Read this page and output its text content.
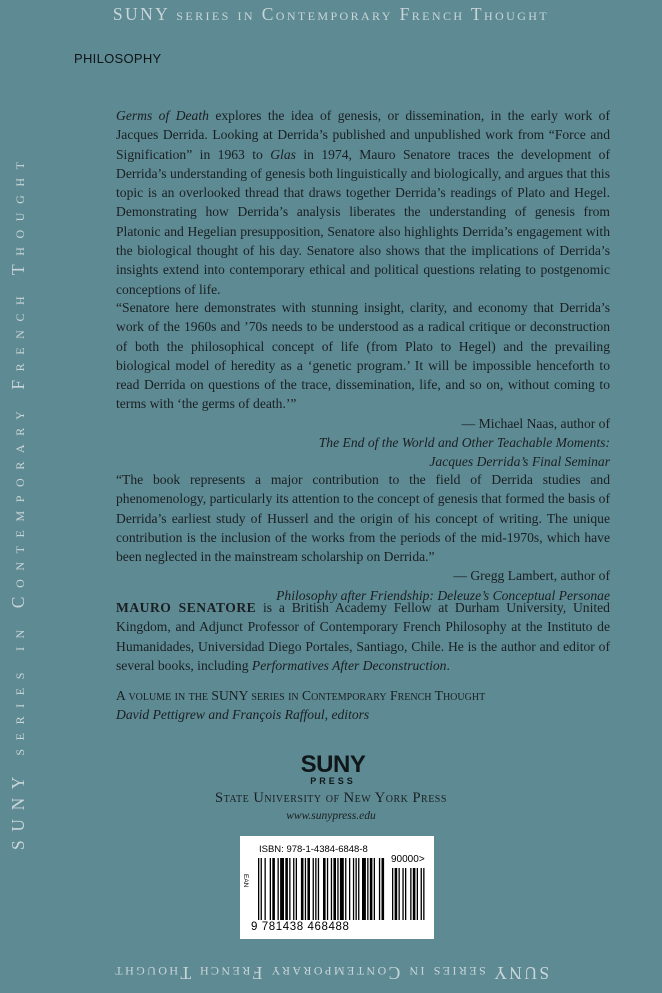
SUNY series in Contemporary French Thought
SUNY series in Contemporary French Thought
SUNY series in Contemporary French Thought
PHILOSOPHY
Germs of Death explores the idea of genesis, or dissemination, in the early work of Jacques Derrida. Looking at Derrida’s published and unpublished work from “Force and Signification” in 1963 to Glas in 1974, Mauro Senatore traces the development of Derrida’s understanding of genesis both linguistically and biologically, and argues that this topic is an overlooked thread that draws together Derrida’s readings of Plato and Hegel. Demonstrating how Derrida’s analysis liberates the understanding of genesis from Platonic and Hegelian presupposition, Senatore also highlights Derrida’s engagement with the biological thought of his day. Senatore also shows that the implications of Derrida’s insights extend into contemporary ethical and political questions relating to postgenomic conceptions of life.
“Senatore here demonstrates with stunning insight, clarity, and economy that Derrida’s work of the 1960s and ’70s needs to be understood as a radical critique or deconstruction of both the philosophical concept of life (from Plato to Hegel) and the prevailing biological model of heredity as a ‘genetic program.’ It will be impossible henceforth to read Derrida on questions of the trace, dissemination, life, and so on, without coming to terms with ‘the germs of death.’”
— Michael Naas, author of
The End of the World and Other Teachable Moments:
Jacques Derrida’s Final Seminar
“The book represents a major contribution to the field of Derrida studies and phenomenology, particularly its attention to the concept of genesis that formed the basis of Derrida’s earliest study of Husserl and the origin of his concept of writing. The unique contribution is the inclusion of the works from the periods of the mid-1970s, which have been neglected in the mainstream scholarship on Derrida.”
— Gregg Lambert, author of
Philosophy after Friendship: Deleuze’s Conceptual Personae
MAURO SENATORE is a British Academy Fellow at Durham University, United Kingdom, and Adjunct Professor of Contemporary French Philosophy at the Instituto de Humanidades, Universidad Diego Portales, Santiago, Chile. He is the author and editor of several books, including Performatives After Deconstruction.
A volume in the SUNY series in Contemporary French Thought
David Pettigrew and François Raffoul, editors
SUNY
PRESS
State University of New York Press
www.sunypress.edu
ISBN: 978-1-4384-6848-8
EAN
90000>
9 781438 468488
